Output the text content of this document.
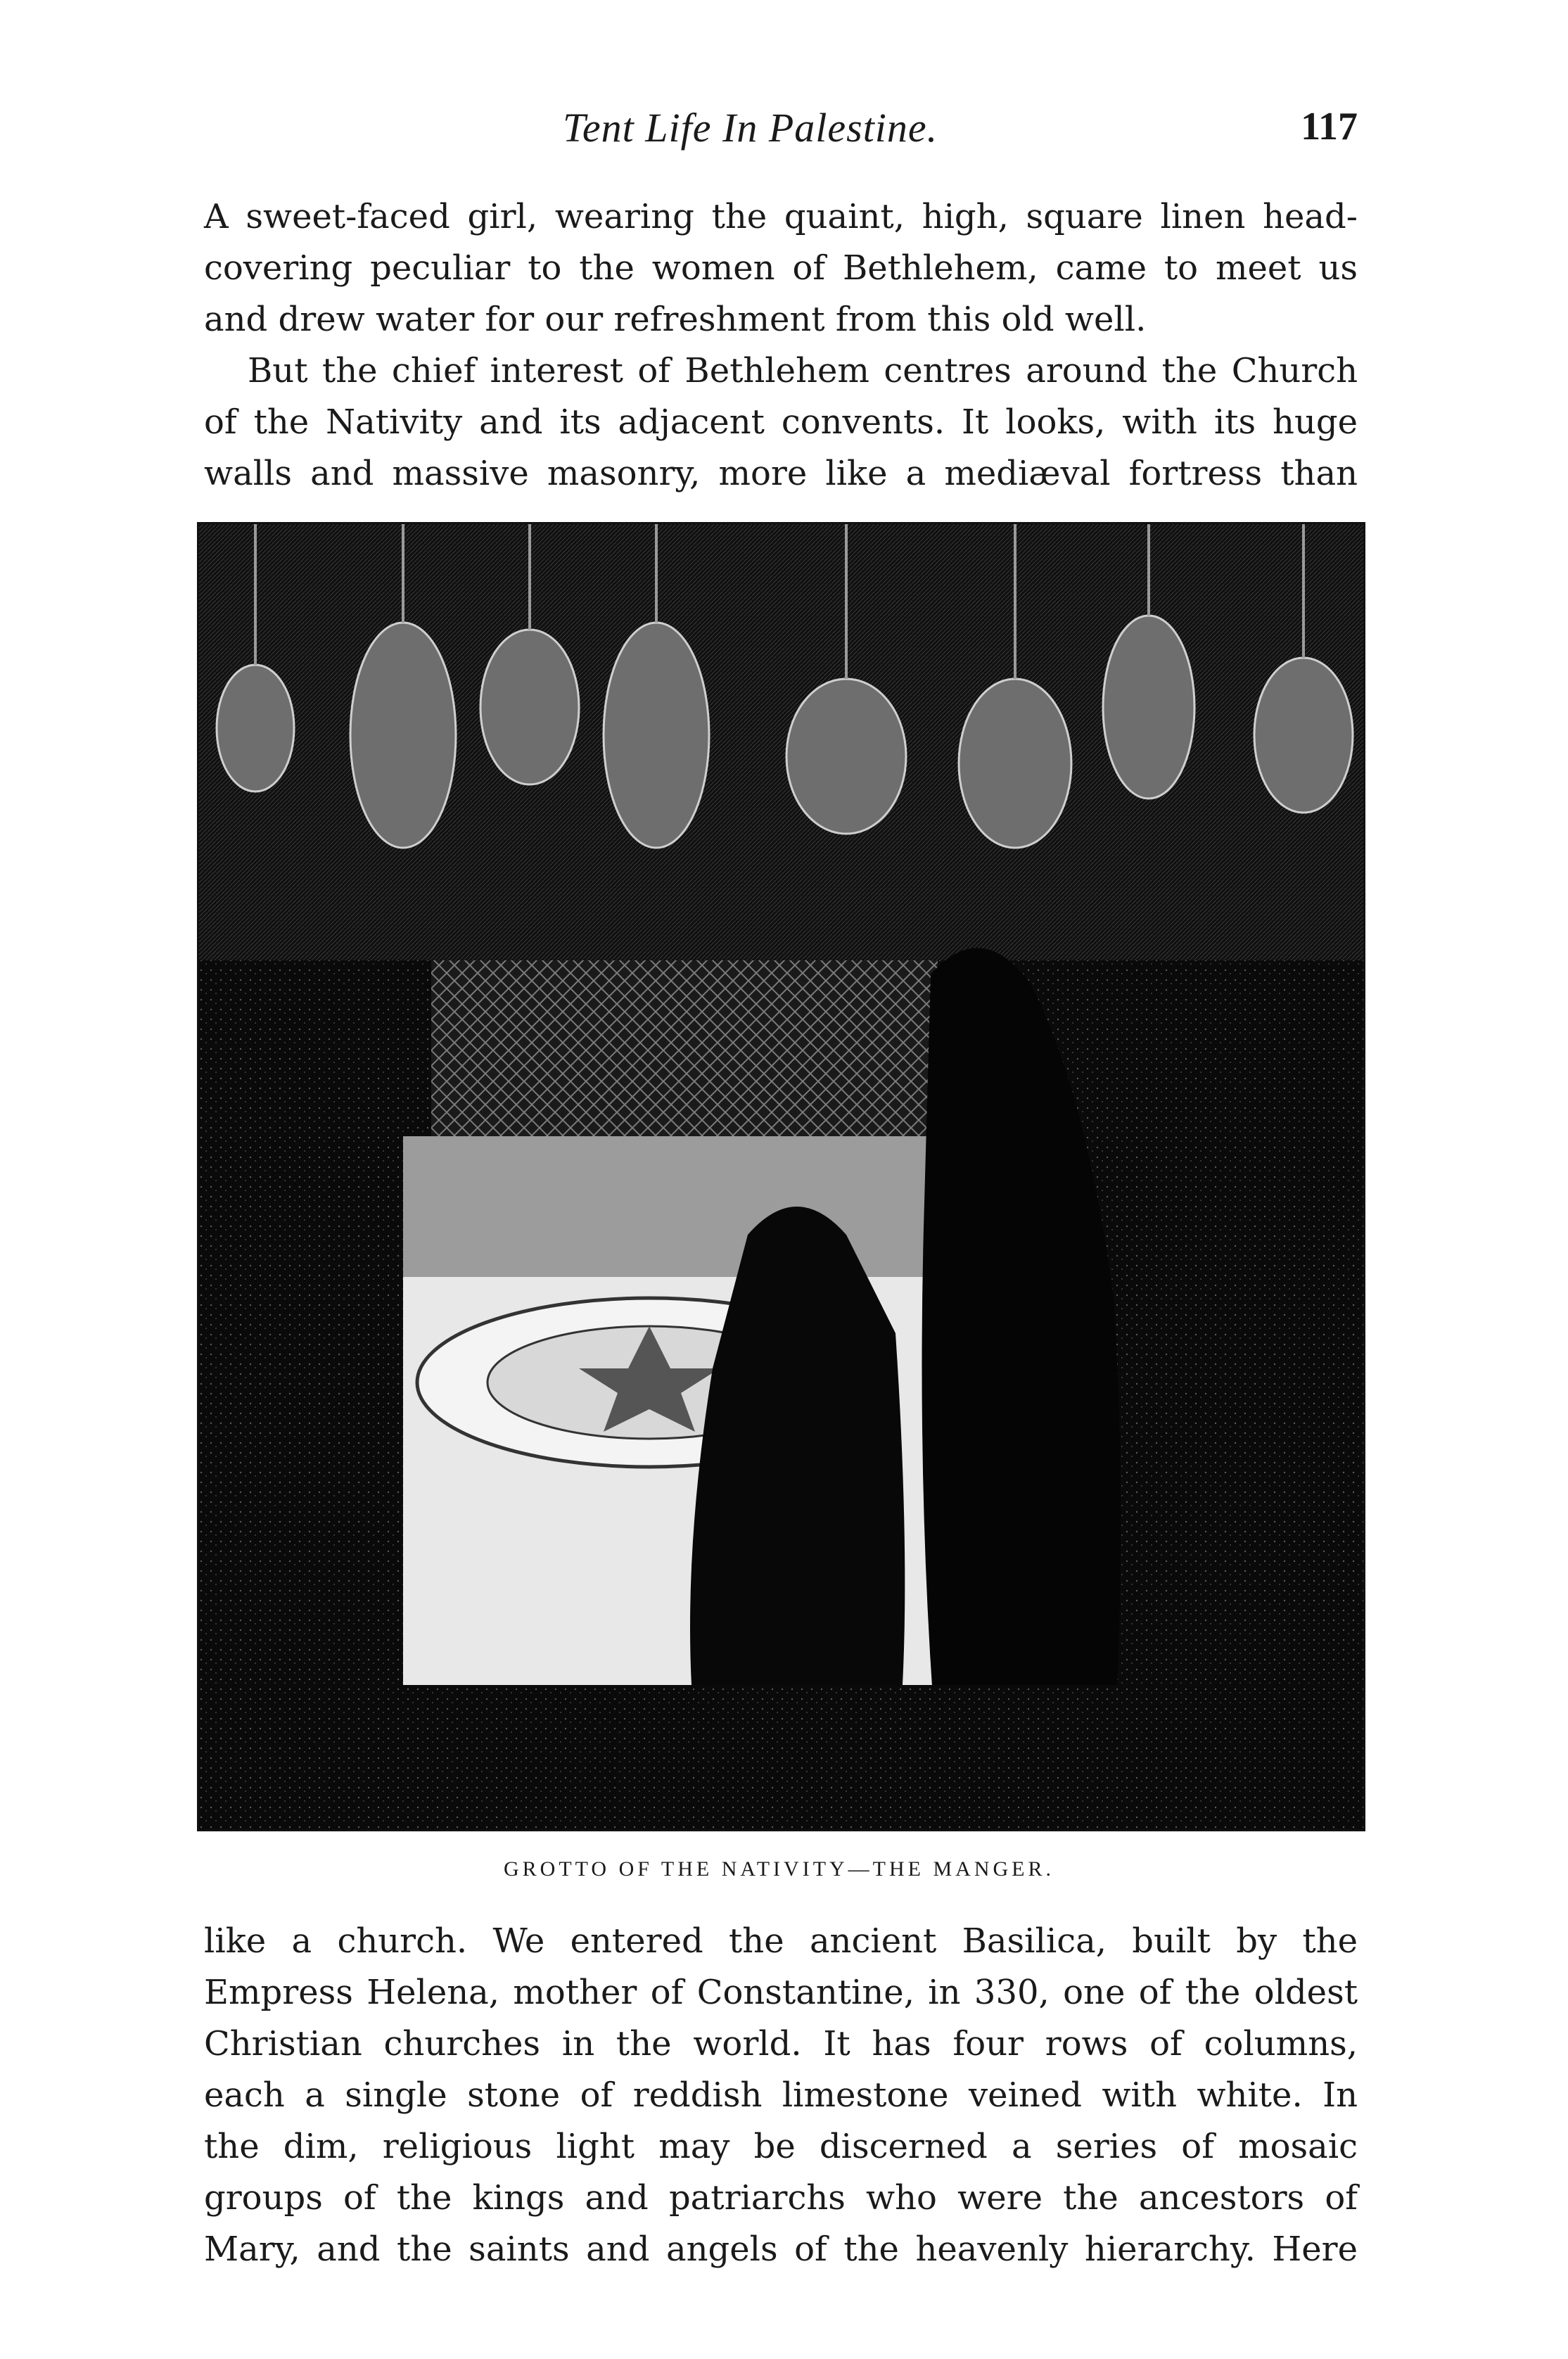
Tent Life In Palestine.	117
A sweet-faced girl, wearing the quaint, high, square linen head-
covering peculiar to the women of Bethlehem, came to meet us
and drew water for our refreshment from this old well.
But the chief interest of Bethlehem centres around the Church
of the Nativity and its adjacent convents. It looks, with its huge
walls and massive masonry, more like a mediæval fortress than
GROTTO OF THE NATIVITY—THE MANGER.
like a church. We entered the ancient Basilica, built by the
Empress Helena, mother of Constantine, in 330, one of the oldest
Christian churches in the world. It has four rows of columns,
each a single stone of reddish limestone veined with white. In
the dim, religious light may be discerned a series of mosaic
groups of the kings and patriarchs who were the ancestors of
Mary, and the saints and angels of the heavenly hierarchy. Here
